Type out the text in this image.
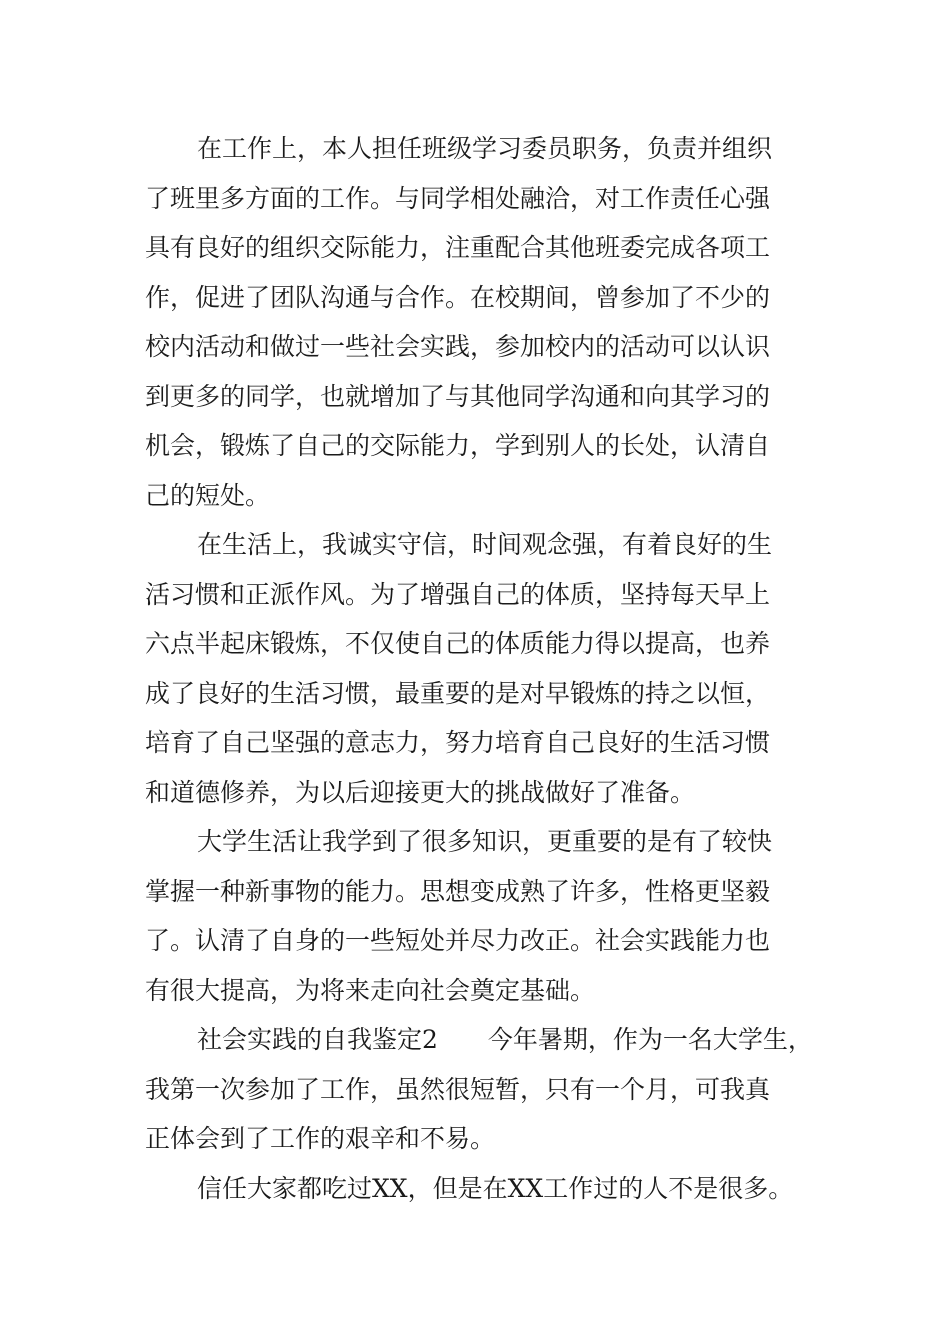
在工作上，本人担任班级学习委员职务，负责并组织
了班里多方面的工作。与同学相处融洽，对工作责任心强
具有良好的组织交际能力，注重配合其他班委完成各项工
作，促进了团队沟通与合作。在校期间，曾参加了不少的
校内活动和做过一些社会实践，参加校内的活动可以认识
到更多的同学，也就增加了与其他同学沟通和向其学习的
机会，锻炼了自己的交际能力，学到别人的长处，认清自
己的短处。
在生活上，我诚实守信，时间观念强，有着良好的生
活习惯和正派作风。为了增强自己的体质，坚持每天早上
六点半起床锻炼，不仅使自己的体质能力得以提高，也养
成了良好的生活习惯，最重要的是对早锻炼的持之以恒，
培育了自己坚强的意志力，努力培育自己良好的生活习惯
和道德修养，为以后迎接更大的挑战做好了准备。
大学生活让我学到了很多知识，更重要的是有了较快
掌握一种新事物的能力。思想变成熟了许多，性格更坚毅
了。认清了自身的一些短处并尽力改正。社会实践能力也
有很大提高，为将来走向社会奠定基础。
社会实践的自我鉴定2　　今年暑期，作为一名大学生，
我第一次参加了工作，虽然很短暂，只有一个月，可我真
正体会到了工作的艰辛和不易。
信任大家都吃过XX，但是在XX工作过的人不是很多。
